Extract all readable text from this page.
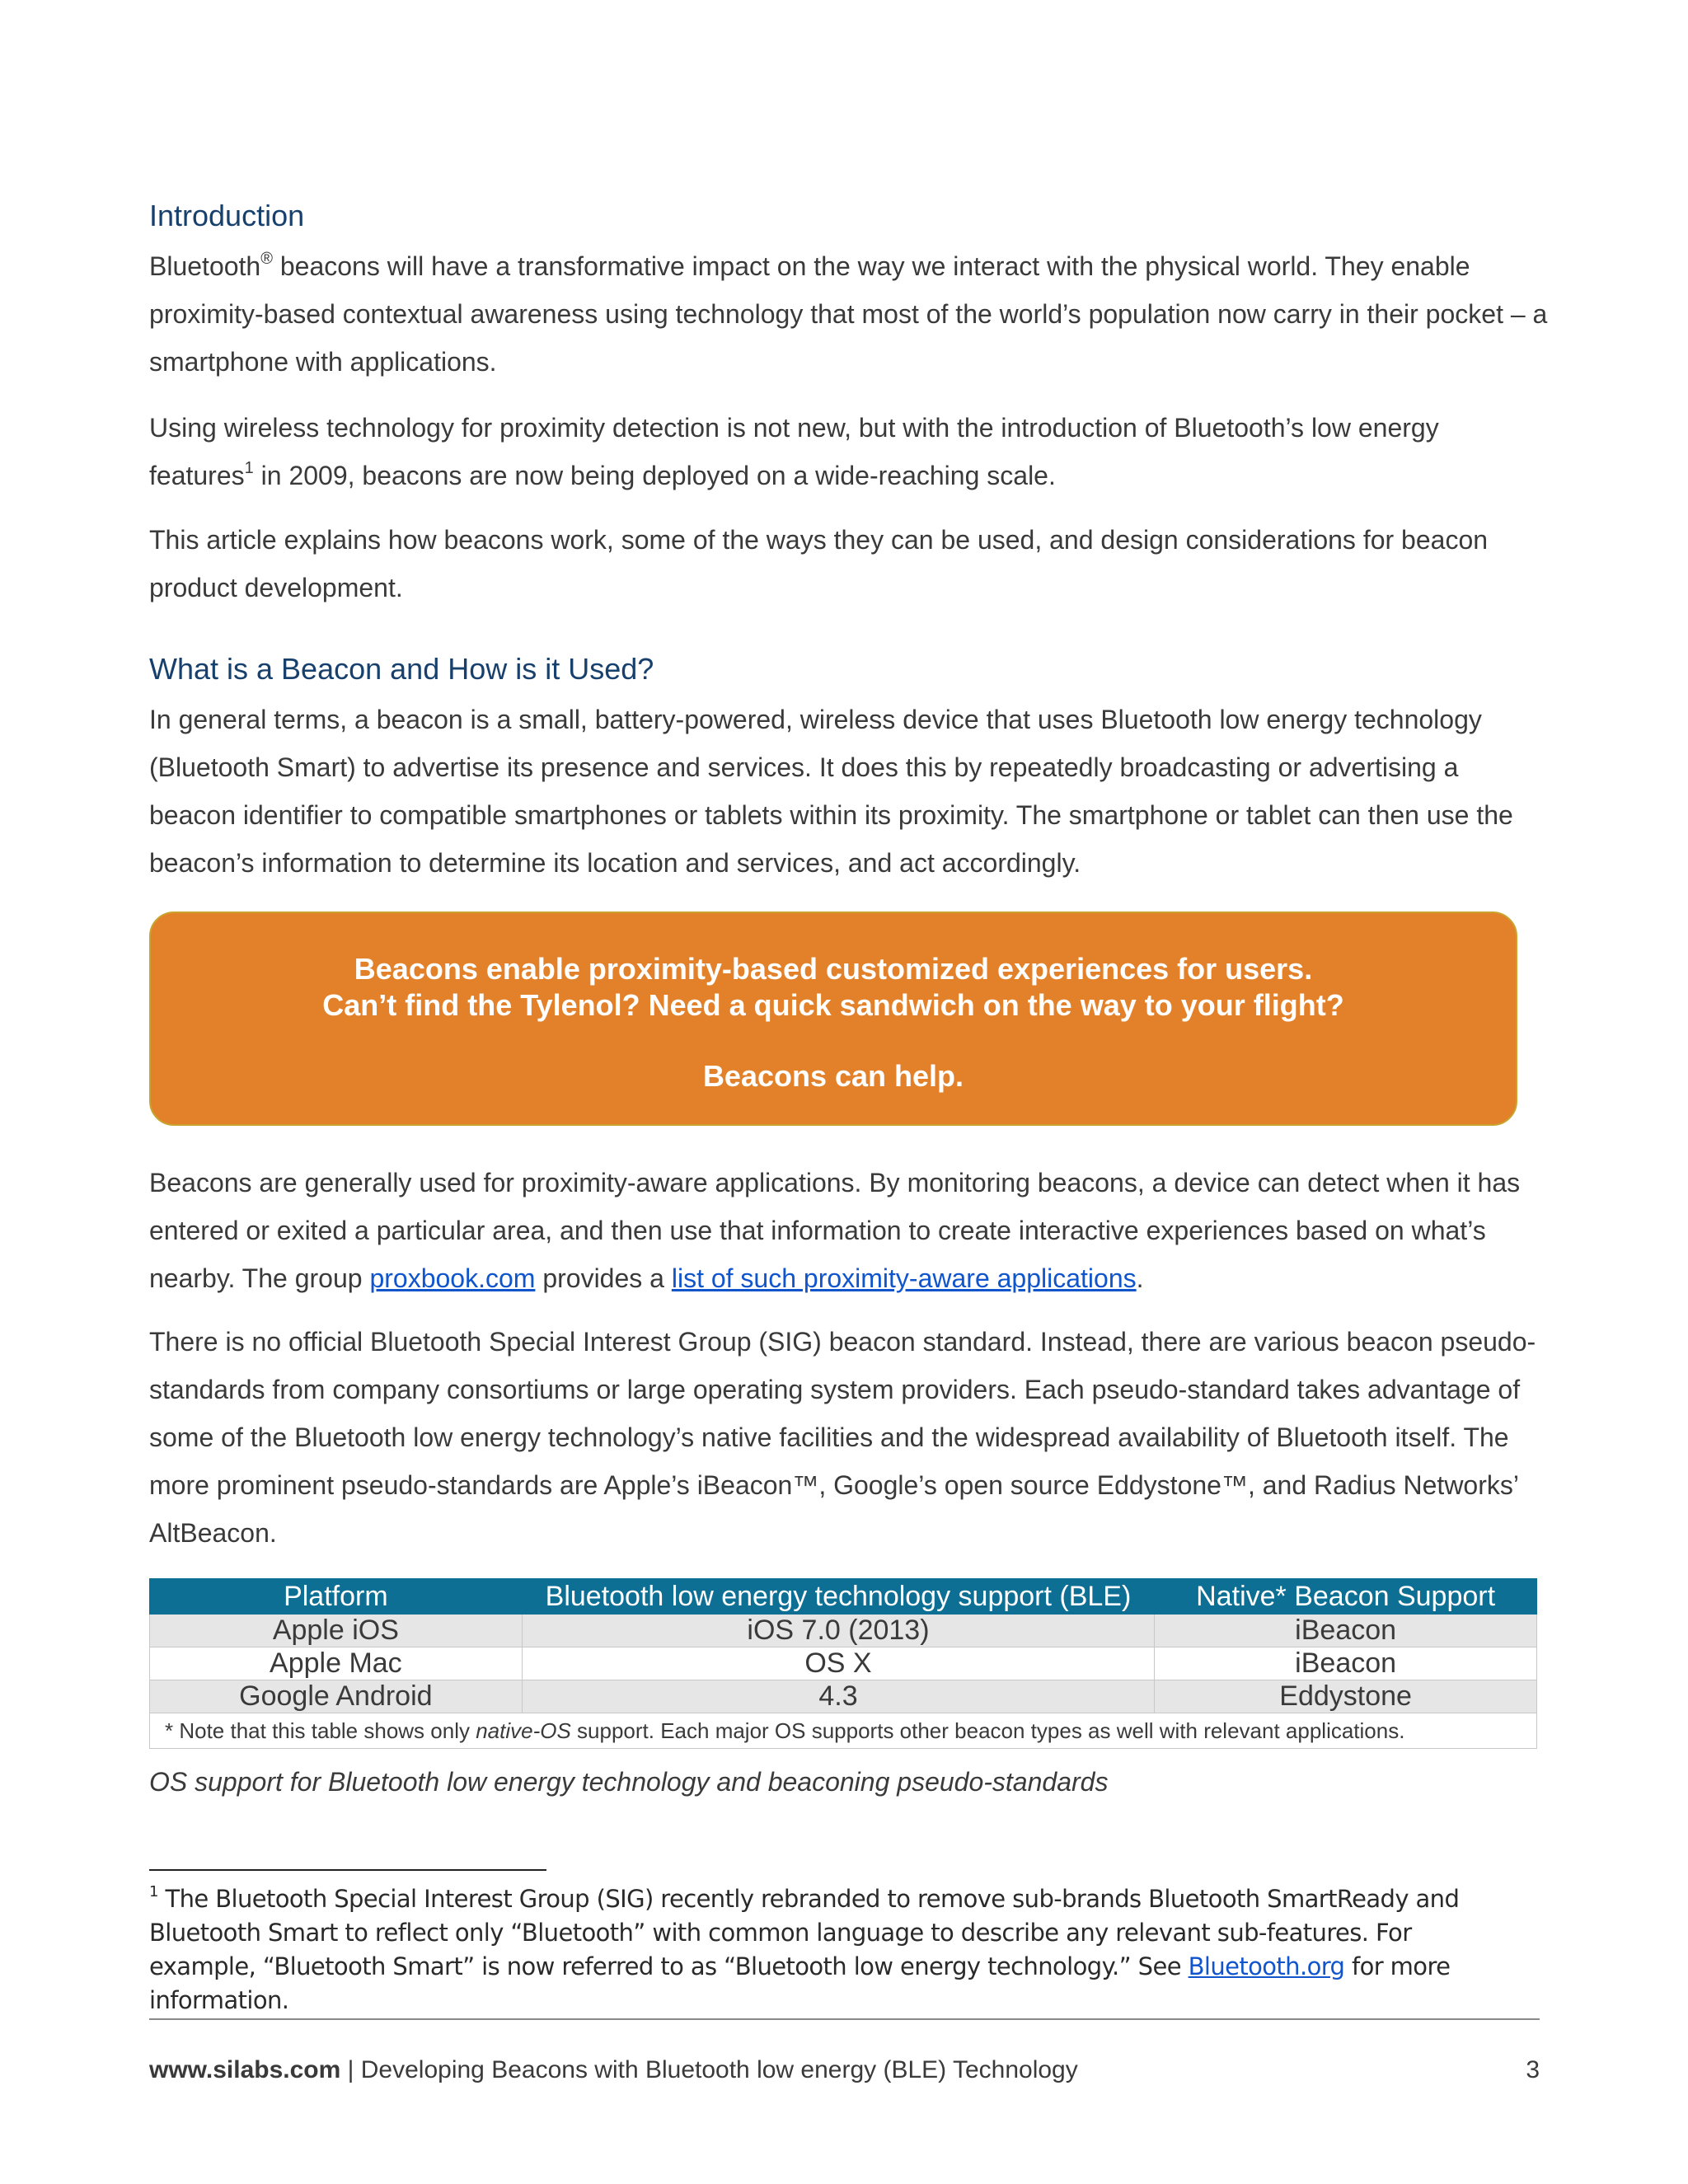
Introduction

Bluetooth® beacons will have a transformative impact on the way we interact with the physical world. They enable proximity-based contextual awareness using technology that most of the world’s population now carry in their pocket – a smartphone with applications.

Using wireless technology for proximity detection is not new, but with the introduction of Bluetooth’s low energy features$^1$ in 2009, beacons are now being deployed on a wide-reaching scale.

This article explains how beacons work, some of the ways they can be used, and design considerations for beacon product development.

What is a Beacon and How is it Used?

In general terms, a beacon is a small, battery-powered, wireless device that uses Bluetooth low energy technology (Bluetooth Smart) to advertise its presence and services. It does this by repeatedly broadcasting or advertising a beacon identifier to compatible smartphones or tablets within its proximity. The smartphone or tablet can then use the beacon’s information to determine its location and services, and act accordingly.

Beacons enable proximity-based customized experiences for users.
Can’t find the Tylenol? Need a quick sandwich on the way to your flight?
Beacons can help.

Beacons are generally used for proximity-aware applications. By monitoring beacons, a device can detect when it has entered or exited a particular area, and then use that information to create interactive experiences based on what’s nearby. The group proxbook.com provides a list of such proximity-aware applications.

There is no official Bluetooth Special Interest Group (SIG) beacon standard. Instead, there are various beacon pseudo-standards from company consortiums or large operating system providers. Each pseudo-standard takes advantage of some of the Bluetooth low energy technology’s native facilities and the widespread availability of Bluetooth itself. The more prominent pseudo-standards are Apple’s iBeacon™, Google’s open source Eddystone™, and Radius Networks’ AltBeacon.

Platform	Bluetooth low energy technology support (BLE)	Native* Beacon Support
Apple iOS	iOS 7.0 (2013)	iBeacon
Apple Mac	OS X	iBeacon
Google Android	4.3	Eddystone
* Note that this table shows only native-OS support. Each major OS supports other beacon types as well with relevant applications.		

OS support for Bluetooth low energy technology and beaconing pseudo-standards

$^1$ The Bluetooth Special Interest Group (SIG) recently rebranded to remove sub-brands Bluetooth SmartReady and Bluetooth Smart to reflect only “Bluetooth” with common language to describe any relevant sub-features. For example, “Bluetooth Smart” is now referred to as “Bluetooth low energy technology.” See Bluetooth.org for more information.

www.silabs.com | Developing Beacons with Bluetooth low energy (BLE) Technology	3
